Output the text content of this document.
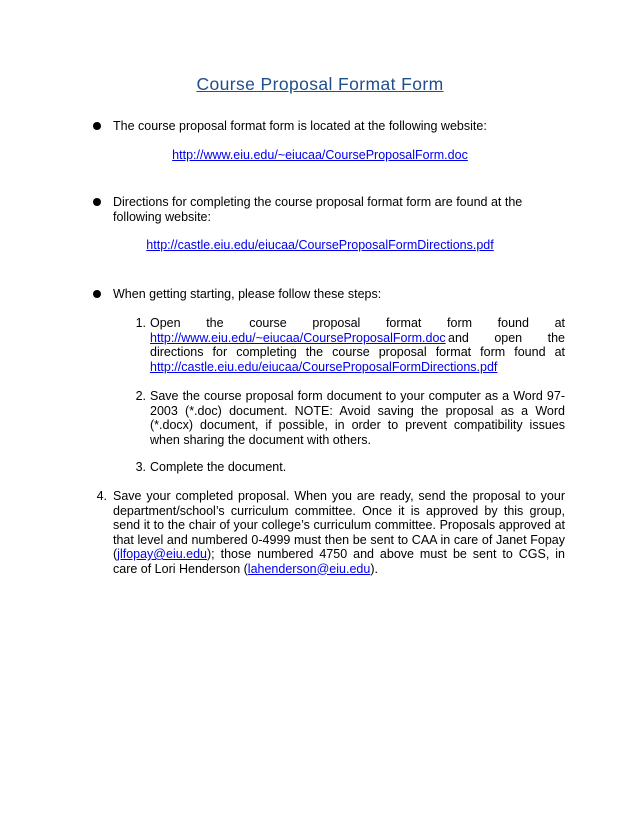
Course Proposal Format Form
The course proposal format form is located at the following website:
http://www.eiu.edu/~eiucaa/CourseProposalForm.doc
Directions for completing the course proposal format form are found at the
following website:
http://castle.eiu.edu/eiucaa/CourseProposalFormDirections.pdf
When getting starting, please follow these steps:
1. Open the course proposal format form found at
http://www.eiu.edu/~eiucaa/CourseProposalForm.doc and open the
directions for completing the course proposal format form found at
http://castle.eiu.edu/eiucaa/CourseProposalFormDirections.pdf
2. Save the course proposal form document to your computer as a Word 97-2003 (*.doc) document. NOTE: Avoid saving the proposal as a Word (*.docx) document, if possible, in order to prevent compatibility issues when sharing the document with others.
3. Complete the document.
4. Save your completed proposal. When you are ready, send the proposal to your department/school’s curriculum committee. Once it is approved by this group, send it to the chair of your college’s curriculum committee. Proposals approved at that level and numbered 0-4999 must then be sent to CAA in care of Janet Fopay (jlfopay@eiu.edu); those numbered 4750 and above must be sent to CGS, in care of Lori Henderson (lahenderson@eiu.edu).
